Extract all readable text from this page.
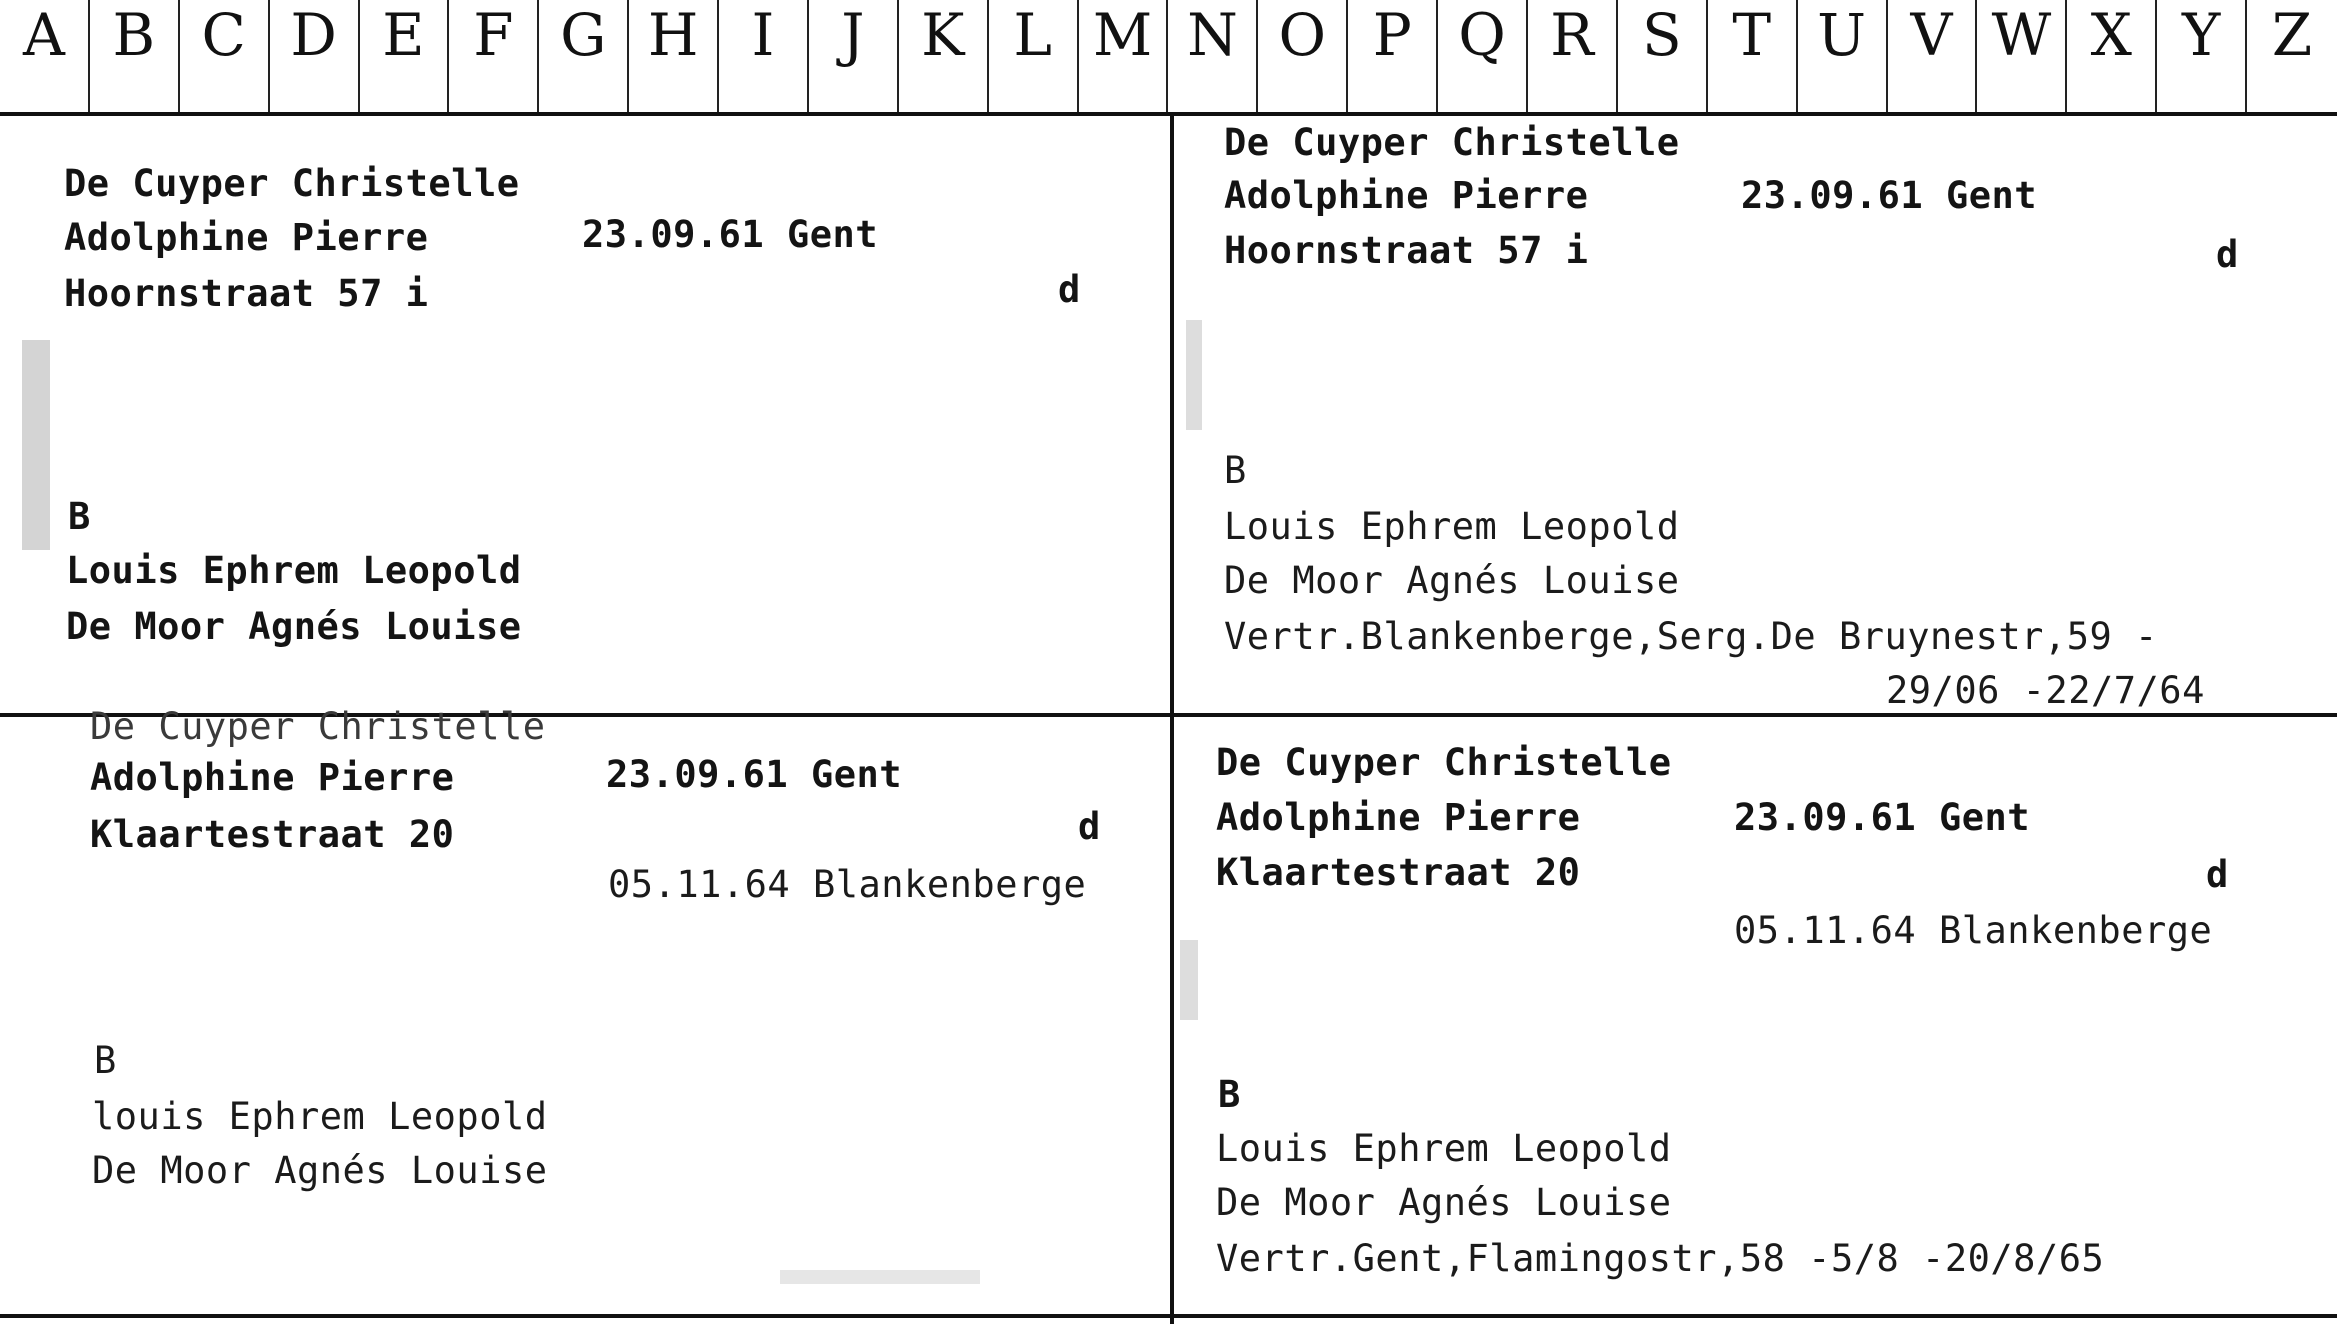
A B C D E F G H I	J K L M N O P Q R S T U V W X Y Z
De Cuyper Christelle
Adolphine Pierre	23.09.61 Gent
Hoornstraat 57 i	d
B
Louis Ephrem Leopold
De Moor Agnés Louise
De Cuyper Christelle
Adolphine Pierre	23.09.61 Gent
Hoornstraat 57 i	d
B
Louis Ephrem Leopold
De Moor Agnés Louise
Vertr.Blankenberge,Serg.De Bruynestr,59 -
29/06 -22/7/64
De Cuyper Christelle
Adolphine Pierre	23.09.61 Gent
Klaartestraat 20	d
05.11.64 Blankenberge
B
louis Ephrem Leopold
De Moor Agnés Louise
De Cuyper Christelle
Adolphine Pierre	23.09.61 Gent
Klaartestraat 20	d
05.11.64 Blankenberge
B
Louis Ephrem Leopold
De Moor Agnés Louise
Vertr.Gent,Flamingostr,58 -5/8 -20/8/65
